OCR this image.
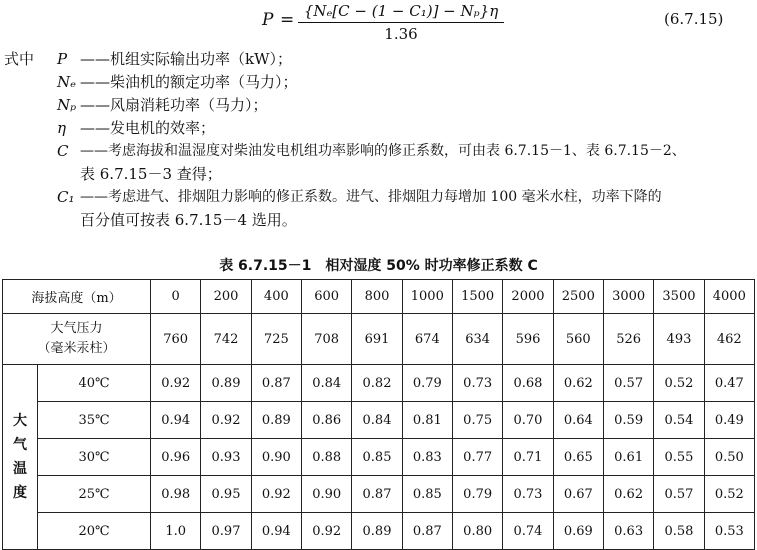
P = {Nₑ[C − (1 − C₁)] − Nₚ}η
1.36
(6.7.15)
式中 P ——机组实际输出功率（kW）；
Nₑ ——柴油机的额定功率（马力）；
Nₚ ——风扇消耗功率（马力）；
η ——发电机的效率；
C ——考虑海拔和温湿度对柴油发电机组功率影响的修正系数，可由表 6.7.15－1、表 6.7.15－2、
表 6.7.15－3 查得；
C₁ ——考虑进气、排烟阻力影响的修正系数。进气、排烟阻力每增加 100 毫米水柱，功率下降的
百分值可按表 6.7.15－4 选用。
表 6.7.15－1　相对湿度 50% 时功率修正系数 C
海拔高度（m）		0	200	400	600	800	1000	1500	2000	2500	3000	3500	4000

大气压力
（毫米汞柱）		760	742	725	708	691	674	634	596	560	526	493	462

大
气
温
度	40℃	0.92	0.89	0.87	0.84	0.82	0.79	0.73	0.68	0.62	0.57	0.52	0.47
	35℃	0.94	0.92	0.89	0.86	0.84	0.81	0.75	0.70	0.64	0.59	0.54	0.49
	30℃	0.96	0.93	0.90	0.88	0.85	0.83	0.77	0.71	0.65	0.61	0.55	0.50
	25℃	0.98	0.95	0.92	0.90	0.87	0.85	0.79	0.73	0.67	0.62	0.57	0.52
	20℃	1.0	0.97	0.94	0.92	0.89	0.87	0.80	0.74	0.69	0.63	0.58	0.53
